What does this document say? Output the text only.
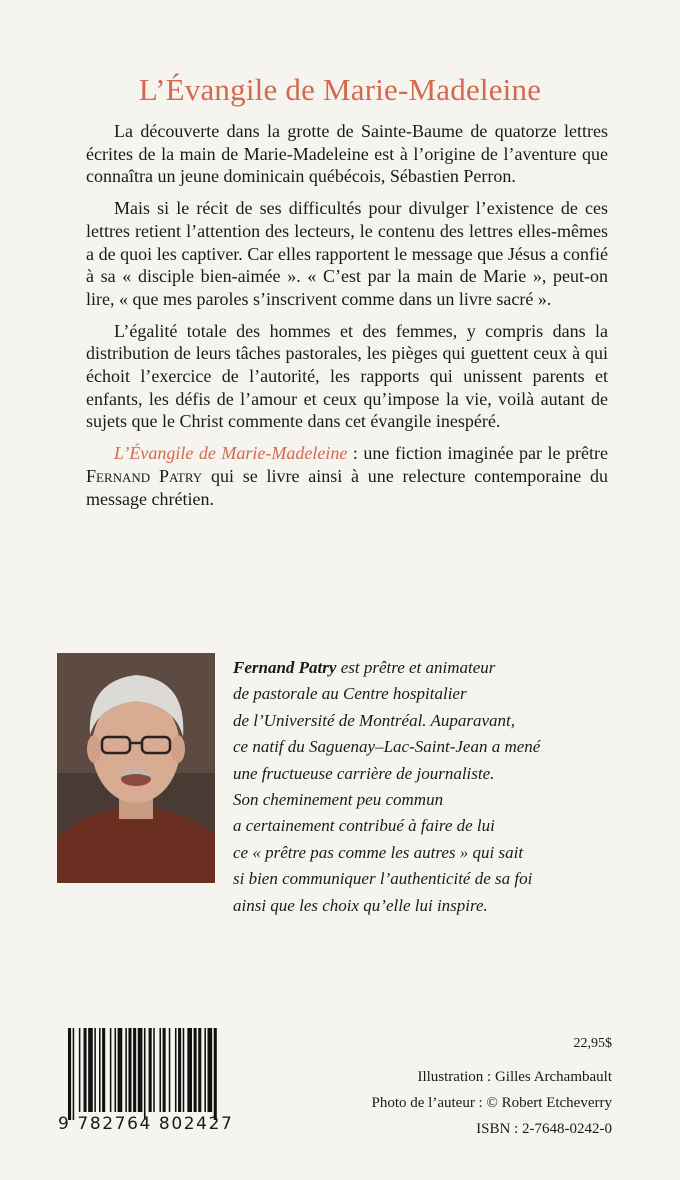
L’Évangile de Marie-Madeleine

La découverte dans la grotte de Sainte-Baume de quatorze lettres écrites de la main de Marie-Madeleine est à l’origine de l’aventure que connaîtra un jeune dominicain québécois, Sébastien Perron.

Mais si le récit de ses difficultés pour divulger l’existence de ces lettres retient l’attention des lecteurs, le contenu des lettres elles-mêmes a de quoi les captiver. Car elles rapportent le message que Jésus a confié à sa « disciple bien-aimée ». « C’est par la main de Marie », peut-on lire, « que mes paroles s’inscrivent comme dans un livre sacré ».

L’égalité totale des hommes et des femmes, y compris dans la distribution de leurs tâches pastorales, les pièges qui guettent ceux à qui échoit l’exercice de l’autorité, les rapports qui unissent parents et enfants, les défis de l’amour et ceux qu’impose la vie, voilà autant de sujets que le Christ commente dans cet évangile inespéré.

L’Évangile de Marie-Madeleine : une fiction imaginée par le prêtre Fernand Patry qui se livre ainsi à une relecture contemporaine du message chrétien.

Fernand Patry est prêtre et animateur
de pastorale au Centre hospitalier
de l’Université de Montréal. Auparavant,
ce natif du Saguenay–Lac-Saint-Jean a mené
une fructueuse carrière de journaliste.
Son cheminement peu commun
a certainement contribué à faire de lui
ce « prêtre pas comme les autres » qui sait
si bien communiquer l’authenticité de sa foi
ainsi que les choix qu’elle lui inspire.
9 782764 802427
22,95$
Illustration : Gilles Archambault
Photo de l’auteur : © Robert Etcheverry
ISBN : 2-7648-0242-0
